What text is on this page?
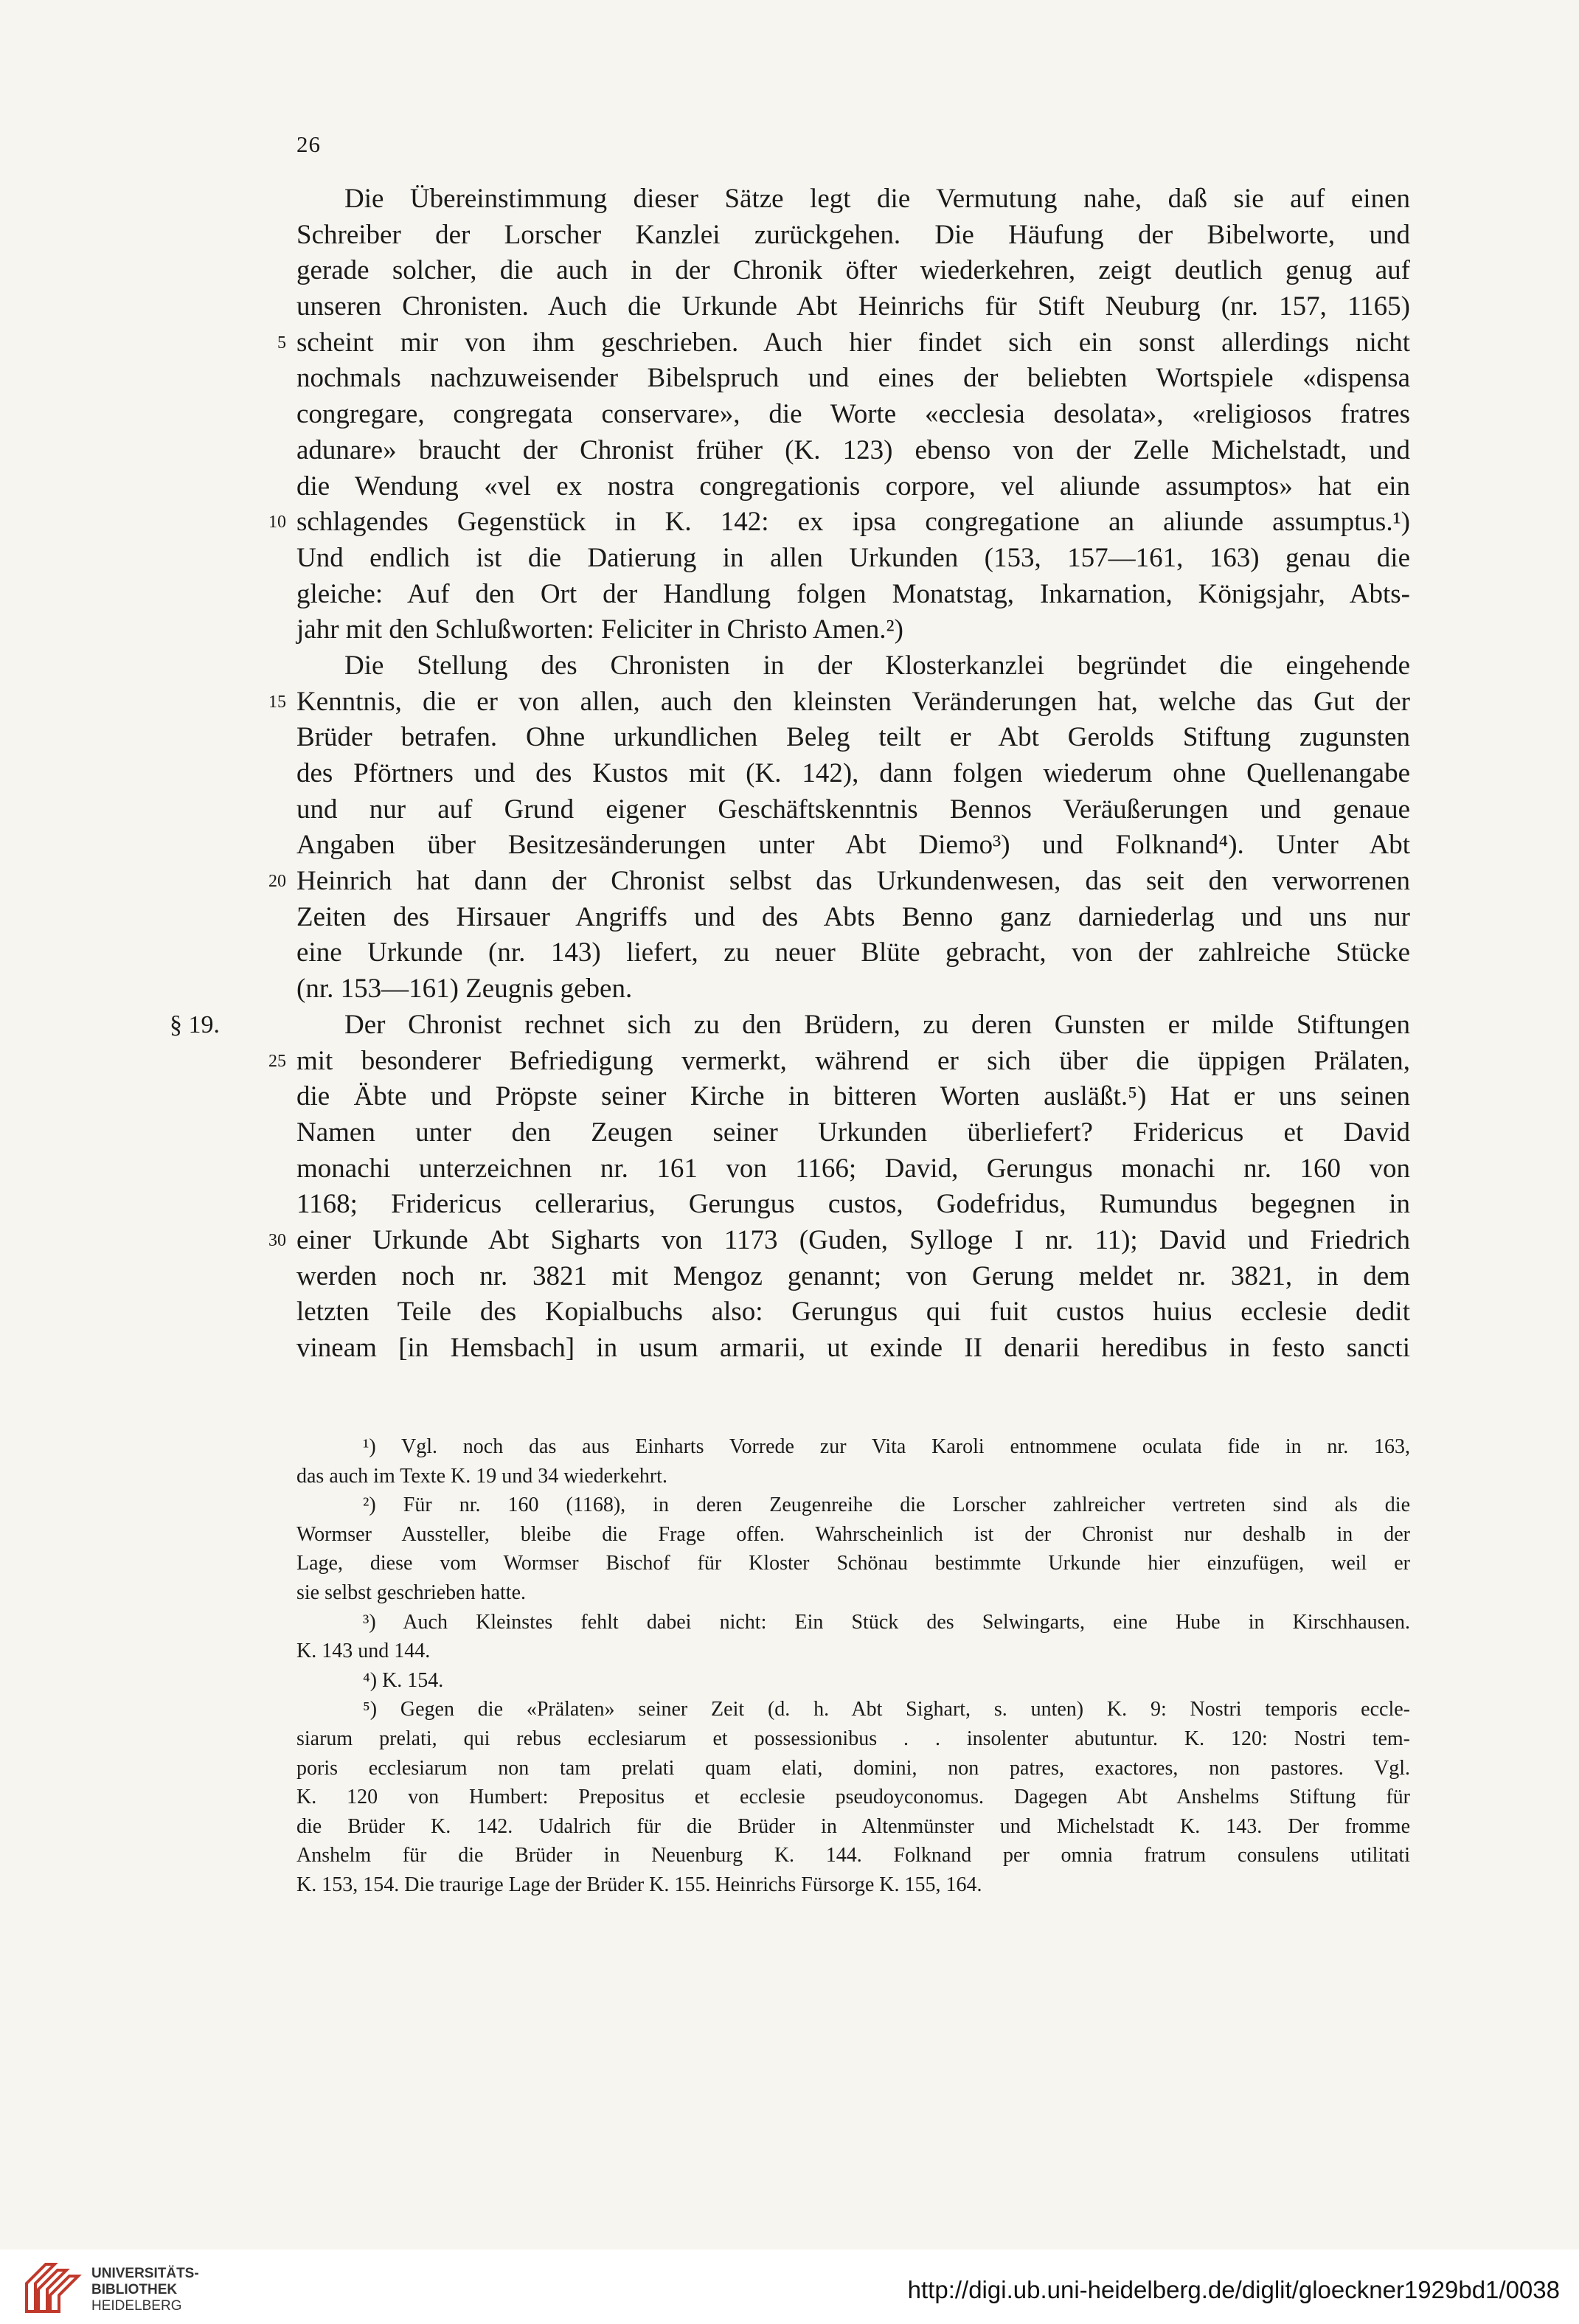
26
Die Übereinstimmung dieser Sätze legt die Vermutung nahe, daß sie auf einen
Schreiber der Lorscher Kanzlei zurückgehen. Die Häufung der Bibelworte, und
gerade solcher, die auch in der Chronik öfter wiederkehren, zeigt deutlich genug auf
unseren Chronisten. Auch die Urkunde Abt Heinrichs für Stift Neuburg (nr. 157, 1165)
5 scheint mir von ihm geschrieben. Auch hier findet sich ein sonst allerdings nicht
nochmals nachzuweisender Bibelspruch und eines der beliebten Wortspiele «dispensa
congregare, congregata conservare», die Worte «ecclesia desolata», «religiosos fratres
adunare» braucht der Chronist früher (K. 123) ebenso von der Zelle Michelstadt, und
die Wendung «vel ex nostra congregationis corpore, vel aliunde assumptos» hat ein
10 schlagendes Gegenstück in K. 142: ex ipsa congregatione an aliunde assumptus.¹)
Und endlich ist die Datierung in allen Urkunden (153, 157—161, 163) genau die
gleiche: Auf den Ort der Handlung folgen Monatstag, Inkarnation, Königsjahr, Abts-
jahr mit den Schlußworten: Feliciter in Christo Amen.²)
Die Stellung des Chronisten in der Klosterkanzlei begründet die eingehende
15 Kenntnis, die er von allen, auch den kleinsten Veränderungen hat, welche das Gut der
Brüder betrafen. Ohne urkundlichen Beleg teilt er Abt Gerolds Stiftung zugunsten
des Pförtners und des Kustos mit (K. 142), dann folgen wiederum ohne Quellenangabe
und nur auf Grund eigener Geschäftskenntnis Bennos Veräußerungen und genaue
Angaben über Besitzesänderungen unter Abt Diemo³) und Folknand⁴). Unter Abt
20 Heinrich hat dann der Chronist selbst das Urkundenwesen, das seit den verworrenen
Zeiten des Hirsauer Angriffs und des Abts Benno ganz darniederlag und uns nur
eine Urkunde (nr. 143) liefert, zu neuer Blüte gebracht, von der zahlreiche Stücke
(nr. 153—161) Zeugnis geben.
§ 19.	Der Chronist rechnet sich zu den Brüdern, zu deren Gunsten er milde Stiftungen
25 mit besonderer Befriedigung vermerkt, während er sich über die üppigen Prälaten,
die Äbte und Pröpste seiner Kirche in bitteren Worten ausläßt.⁵) Hat er uns seinen
Namen unter den Zeugen seiner Urkunden überliefert? Fridericus et David
monachi unterzeichnen nr. 161 von 1166; David, Gerungus monachi nr. 160 von
1168; Fridericus cellerarius, Gerungus custos, Godefridus, Rumundus begegnen in
30 einer Urkunde Abt Sigharts von 1173 (Guden, Sylloge I nr. 11); David und Friedrich
werden noch nr. 3821 mit Mengoz genannt; von Gerung meldet nr. 3821, in dem
letzten Teile des Kopialbuchs also: Gerungus qui fuit custos huius ecclesie dedit
vineam [in Hemsbach] in usum armarii, ut exinde II denarii heredibus in festo sancti
¹) Vgl. noch das aus Einharts Vorrede zur Vita Karoli entnommene oculata fide in nr. 163,
das auch im Texte K. 19 und 34 wiederkehrt.
²) Für nr. 160 (1168), in deren Zeugenreihe die Lorscher zahlreicher vertreten sind als die
Wormser Aussteller, bleibe die Frage offen. Wahrscheinlich ist der Chronist nur deshalb in der
Lage, diese vom Wormser Bischof für Kloster Schönau bestimmte Urkunde hier einzufügen, weil er
sie selbst geschrieben hatte.
³) Auch Kleinstes fehlt dabei nicht: Ein Stück des Selwingarts, eine Hube in Kirschhausen.
K. 143 und 144.
⁴) K. 154.
⁵) Gegen die «Prälaten» seiner Zeit (d. h. Abt Sighart, s. unten) K. 9: Nostri temporis eccle-
siarum prelati, qui rebus ecclesiarum et possessionibus . . insolenter abutuntur. K. 120: Nostri tem-
poris ecclesiarum non tam prelati quam elati, domini, non patres, exactores, non pastores. Vgl.
K. 120 von Humbert: Prepositus et ecclesie pseudoyconomus. Dagegen Abt Anshelms Stiftung für
die Brüder K. 142. Udalrich für die Brüder in Altenmünster und Michelstadt K. 143. Der fromme
Anshelm für die Brüder in Neuenburg K. 144. Folknand per omnia fratrum consulens utilitati
K. 153, 154. Die traurige Lage der Brüder K. 155. Heinrichs Fürsorge K. 155, 164.
UNIVERSITÄTS-
BIBLIOTHEK
HEIDELBERG
http://digi.ub.uni-heidelberg.de/diglit/gloeckner1929bd1/0038
